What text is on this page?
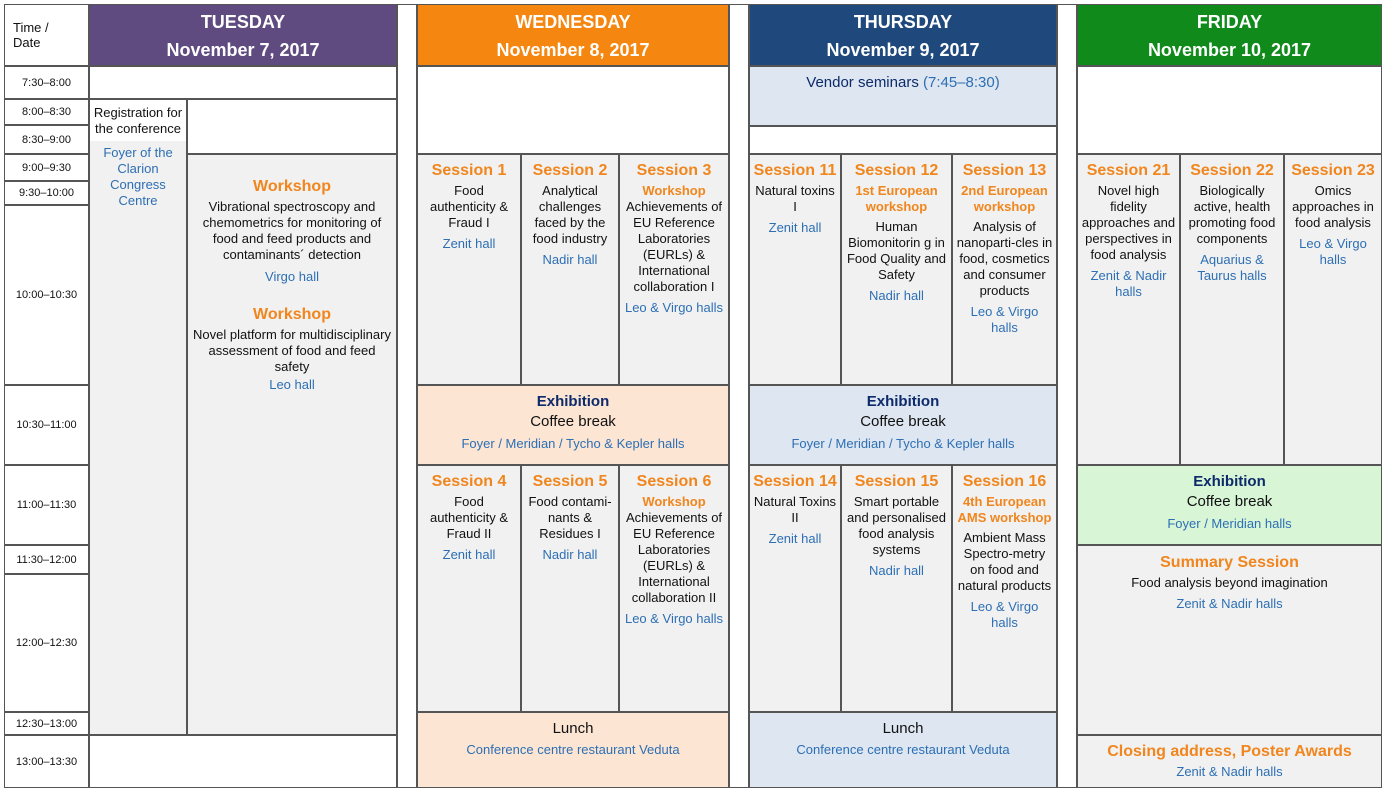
Time /
Date
TUESDAY
November 7, 2017
WEDNESDAY
November 8, 2017
THURSDAY
November 9, 2017
FRIDAY
November 10, 2017
7:30–8:00
8:00–8:30
8:30–9:00
9:00–9:30
9:30–10:00
10:00–10:30
10:30–11:00
11:00–11:30
11:30–12:00
12:00–12:30
12:30–13:00
13:00–13:30
Registration for the conference
Foyer of the Clarion Congress Centre
Workshop
Vibrational spectroscopy and chemometrics for monitoring of food and feed products and contaminants´ detection
Virgo hall
Workshop
Novel platform for multidisciplinary assessment of food and feed safety
Leo hall
Session 1
Food authenticity & Fraud I
Zenit hall
Session 2
Analytical challenges faced by the food industry
Nadir hall
Session 3
Workshop
Achievements of EU Reference Laboratories (EURLs) & International collaboration I
Leo & Virgo halls
Exhibition
Coffee break
Foyer / Meridian / Tycho & Kepler halls
Session 4
Food authenticity & Fraud II
Zenit hall
Session 5
Food contami-nants & Residues I
Nadir hall
Session 6
Workshop
Achievements of EU Reference Laboratories (EURLs) & International collaboration II
Leo & Virgo halls
Lunch
Conference centre restaurant Veduta
Vendor seminars (7:45–8:30)
Session 11
Natural toxins I
Zenit hall
Session 12
1st European workshop
Human Biomonitorin g in Food Quality and Safety
Nadir hall
Session 13
2nd European workshop
Analysis of nanoparti-cles in food, cosmetics and consumer products
Leo & Virgo halls
Exhibition
Coffee break
Foyer / Meridian / Tycho & Kepler halls
Session 14
Natural Toxins II
Zenit hall
Session 15
Smart portable and personalised food analysis systems
Nadir hall
Session 16
4th European AMS workshop
Ambient Mass Spectro-metry on food and natural products
Leo & Virgo halls
Lunch
Conference centre restaurant Veduta
Session 21
Novel high fidelity approaches and perspectives in food analysis
Zenit & Nadir halls
Session 22
Biologically active, health promoting food components
Aquarius & Taurus halls
Session 23
Omics approaches in food analysis
Leo & Virgo halls
Exhibition
Coffee break
Foyer / Meridian halls
Summary Session
Food analysis beyond imagination
Zenit & Nadir halls
Closing address, Poster Awards
Zenit & Nadir halls
